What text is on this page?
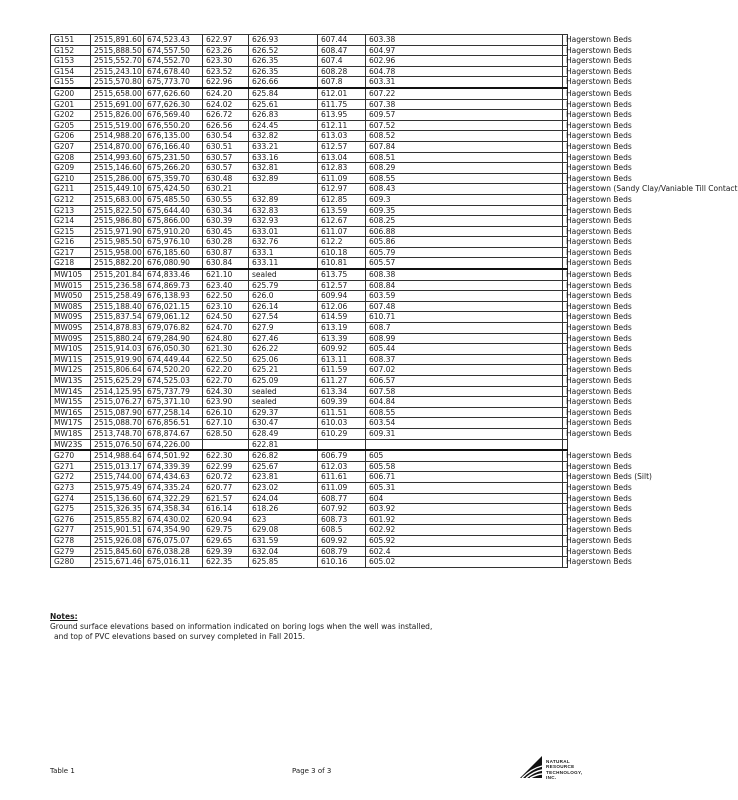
G151	2515,891.60	674,523.43	622.97	626.93	607.44	603.38	Hagerstown Beds
G152	2515,888.50	674,557.50	623.26	626.52	608.47	604.97	Hagerstown Beds
G153	2515,552.70	674,552.70	623.30	626.35	607.4	602.96	Hagerstown Beds
G154	2515,243.10	674,678.40	623.52	626.35	608.28	604.78	Hagerstown Beds
G155	2515,570.80	675,773.70	622.96	626.66	607.8	603.31	Hagerstown Beds
G200	2515,658.00	677,626.60	624.20	625.84	612.01	607.22	Hagerstown Beds
G201	2515,691.00	677,626.30	624.02	625.61	611.75	607.38	Hagerstown Beds
G202	2515,826.00	676,569.40	626.72	626.83	613.95	609.57	Hagerstown Beds
G205	2515,519.00	676,550.20	626.56	624.45	612.11	607.52	Hagerstown Beds
G206	2514,988.20	676,135.00	630.54	632.82	613.03	608.52	Hagerstown Beds
G207	2514,870.00	676,166.40	630.51	633.21	612.57	607.84	Hagerstown Beds
G208	2514,993.60	675,231.50	630.57	633.16	613.04	608.51	Hagerstown Beds
G209	2515,146.60	675,266.20	630.57	632.81	612.83	608.29	Hagerstown Beds
G210	2515,286.00	675,359.70	630.48	632.89	611.09	608.55	Hagerstown Beds
G211	2515,449.10	675,424.50	630.21		612.97	608.43	Hagerstown (Sandy Clay/Vaniable Till Contact
G212	2515,683.00	675,485.50	630.55	632.89	612.85	609.3	Hagerstown Beds
G213	2515,822.50	675,644.40	630.34	632.83	613.59	609.35	Hagerstown Beds
G214	2515,986.80	675,866.00	630.39	632.93	612.67	608.25	Hagerstown Beds
G215	2515,971.90	675,910.20	630.45	633.01	611.07	606.88	Hagerstown Beds
G216	2515,985.50	675,976.10	630.28	632.76	612.2	605.86	Hagerstown Beds
G217	2515,958.00	676,185.60	630.87	633.1	610.18	605.79	Hagerstown Beds
G218	2515,882.20	676,080.90	630.84	633.11	610.81	605.57	Hagerstown Beds
MW105	2515,201.84	674,833.46	621.10	sealed	613.75	608.38	Hagerstown Beds
MW015	2515,236.58	674,869.73	623.40	625.79	612.57	608.84	Hagerstown Beds
MW050	2515,258.49	676,138.93	622.50	626.0	609.94	603.59	Hagerstown Beds
MW08S	2515,188.40	676,021.15	623.10	626.14	612.06	607.48	Hagerstown Beds
MW09S	2515,837.54	679,061.12	624.50	627.54	614.59	610.71	Hagerstown Beds
MW09S	2514,878.83	679,076.82	624.70	627.9	613.19	608.7	Hagerstown Beds
MW09S	2515,880.24	679,284.90	624.80	627.46	613.39	608.99	Hagerstown Beds
MW10S	2515,914.03	676,050.30	621.30	626.22	609.92	605.44	Hagerstown Beds
MW11S	2515,919.90	674,449.44	622.50	625.06	613.11	608.37	Hagerstown Beds
MW12S	2515,806.64	674,520.20	622.20	625.21	611.59	607.02	Hagerstown Beds
MW13S	2515,625.29	674,525.03	622.70	625.09	611.27	606.57	Hagerstown Beds
MW14S	2514,125.95	675,737.79	624.30	sealed	613.34	607.58	Hagerstown Beds
MW15S	2515,076.27	675,371.10	623.90	sealed	609.39	604.84	Hagerstown Beds
MW16S	2515,087.90	677,258.14	626.10	629.37	611.51	608.55	Hagerstown Beds
MW17S	2515,088.70	676,856.51	627.10	630.47	610.03	603.54	Hagerstown Beds
MW18S	2513,748.70	678,874.67	628.50	628.49	610.29	609.31	Hagerstown Beds
MW23S	2515,076.50	674,226.00		622.81			
G270	2514,988.64	674,501.92	622.30	626.82	606.79	605	Hagerstown Beds
G271	2515,013.17	674,339.39	622.99	625.67	612.03	605.58	Hagerstown Beds
G272	2515,744.00	674,434.63	620.72	623.81	611.61	606.71	Hagerstown Beds (Silt)
G273	2515,975.49	674,335.24	620.77	623.02	611.09	605.31	Hagerstown Beds
G274	2515,136.60	674,322.29	621.57	624.04	608.77	604	Hagerstown Beds
G275	2515,326.35	674,358.34	616.14	618.26	607.92	603.92	Hagerstown Beds
G276	2515,855.82	674,430.02	620.94	623	608.73	601.92	Hagerstown Beds
G277	2515,901.51	674,354.90	629.75	629.08	608.5	602.92	Hagerstown Beds
G278	2515,926.08	676,075.07	629.65	631.59	609.92	605.92	Hagerstown Beds
G279	2515,845.60	676,038.28	629.39	632.04	608.79	602.4	Hagerstown Beds
G280	2515,671.46	675,016.11	622.35	625.85	610.16	605.02	Hagerstown Beds
Notes:
Ground surface elevations based on information indicated on boring logs when the well was installed,
and top of PVC elevations based on survey completed in Fall 2015.
Table 1	Page 3 of 3
NATURAL
RESOURCE
TECHNOLOGY, INC.
